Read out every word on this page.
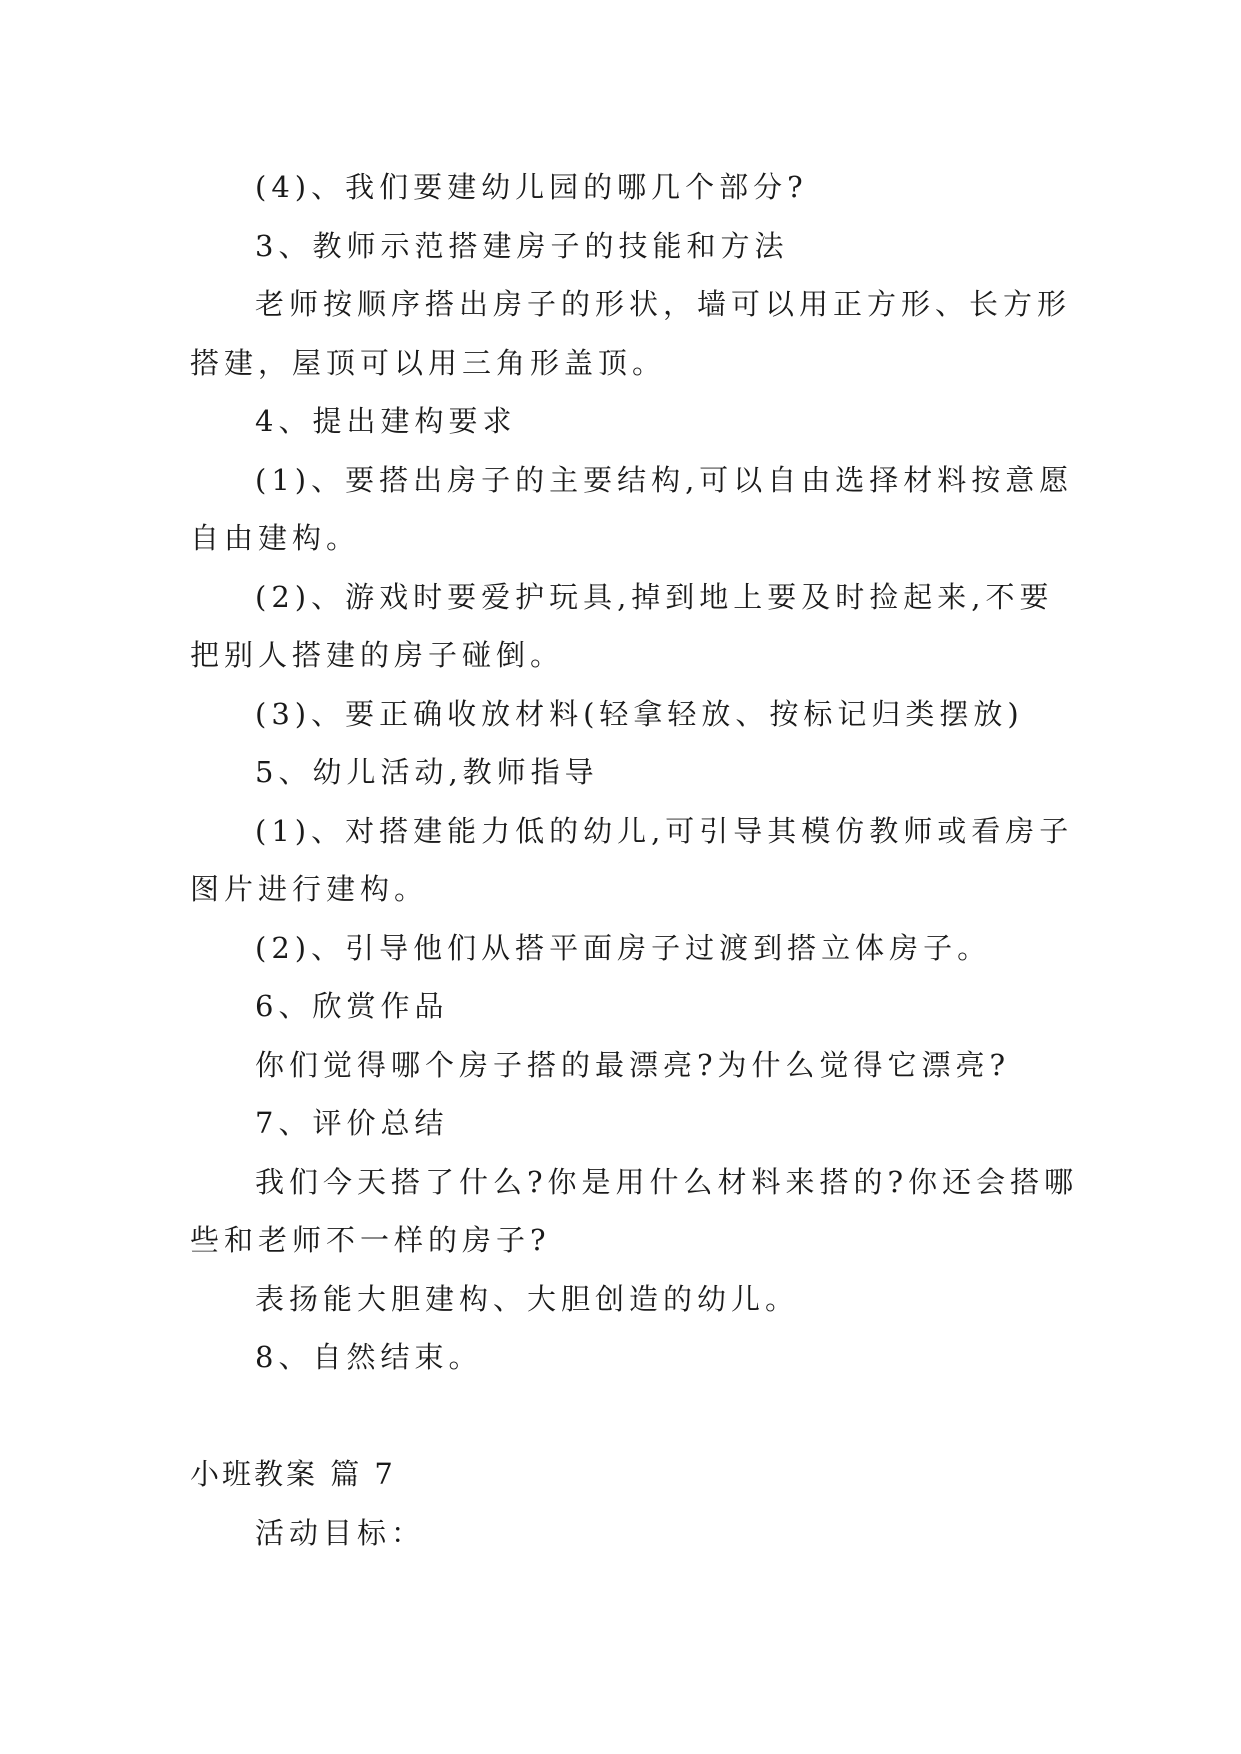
(4)、我们要建幼儿园的哪几个部分?

3、教师示范搭建房子的技能和方法

老师按顺序搭出房子的形状，墙可以用正方形、长方形

搭建，屋顶可以用三角形盖顶。

4、提出建构要求

(1)、要搭出房子的主要结构,可以自由选择材料按意愿

自由建构。

(2)、游戏时要爱护玩具,掉到地上要及时捡起来,不要

把别人搭建的房子碰倒。

(3)、要正确收放材料(轻拿轻放、按标记归类摆放)

5、幼儿活动,教师指导

(1)、对搭建能力低的幼儿,可引导其模仿教师或看房子

图片进行建构。

(2)、引导他们从搭平面房子过渡到搭立体房子。

6、欣赏作品

你们觉得哪个房子搭的最漂亮?为什么觉得它漂亮?

7、评价总结

我们今天搭了什么?你是用什么材料来搭的?你还会搭哪

些和老师不一样的房子?

表扬能大胆建构、大胆创造的幼儿。

8、自然结束。

小班教案 篇 7

活动目标：
